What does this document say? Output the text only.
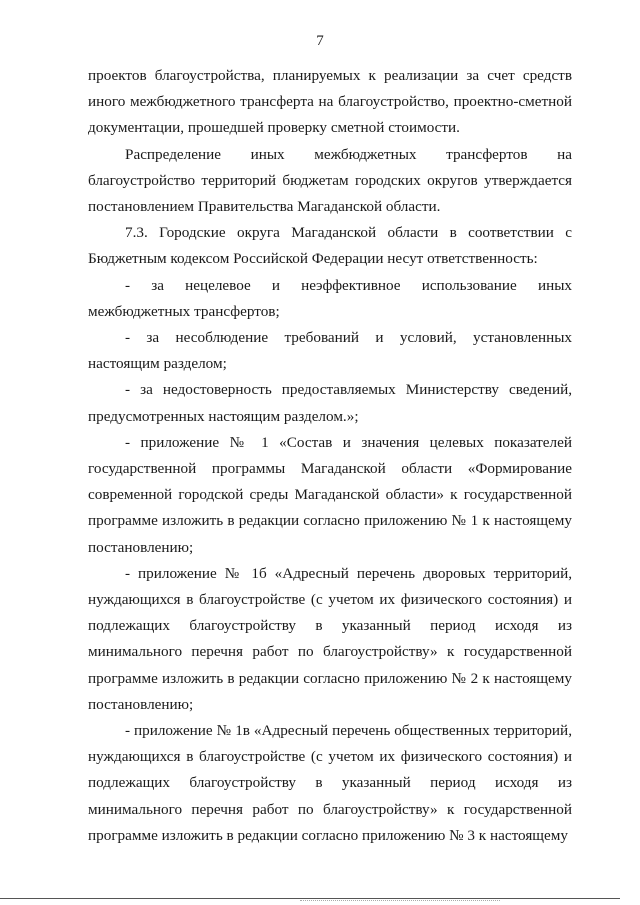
7

проектов благоустройства, планируемых к реализации за счет средств иного межбюджетного трансферта на благоустройство, проектно-сметной документации, прошедшей проверку сметной стоимости.

Распределение иных межбюджетных трансфертов на благоустройство территорий бюджетам городских округов утверждается постановлением Правительства Магаданской области.

7.3. Городские округа Магаданской области в соответствии с Бюджетным кодексом Российской Федерации несут ответственность:

- за нецелевое и неэффективное использование иных межбюджетных трансфертов;

- за несоблюдение требований и условий, установленных настоящим разделом;

- за недостоверность предоставляемых Министерству сведений, предусмотренных настоящим разделом.»;

- приложение № 1 «Состав и значения целевых показателей государственной программы Магаданской области «Формирование современной городской среды Магаданской области» к государственной программе изложить в редакции согласно приложению № 1 к настоящему постановлению;

- приложение № 1б «Адресный перечень дворовых территорий, нуждающихся в благоустройстве (с учетом их физического состояния) и подлежащих благоустройству в указанный период исходя из минимального перечня работ по благоустройству» к государственной программе изложить в редакции согласно приложению № 2 к настоящему постановлению;

- приложение № 1в «Адресный перечень общественных территорий, нуждающихся в благоустройстве (с учетом их физического состояния) и подлежащих благоустройству в указанный период исходя из минимального перечня работ по благоустройству» к государственной программе изложить в редакции согласно приложению № 3 к настоящему
